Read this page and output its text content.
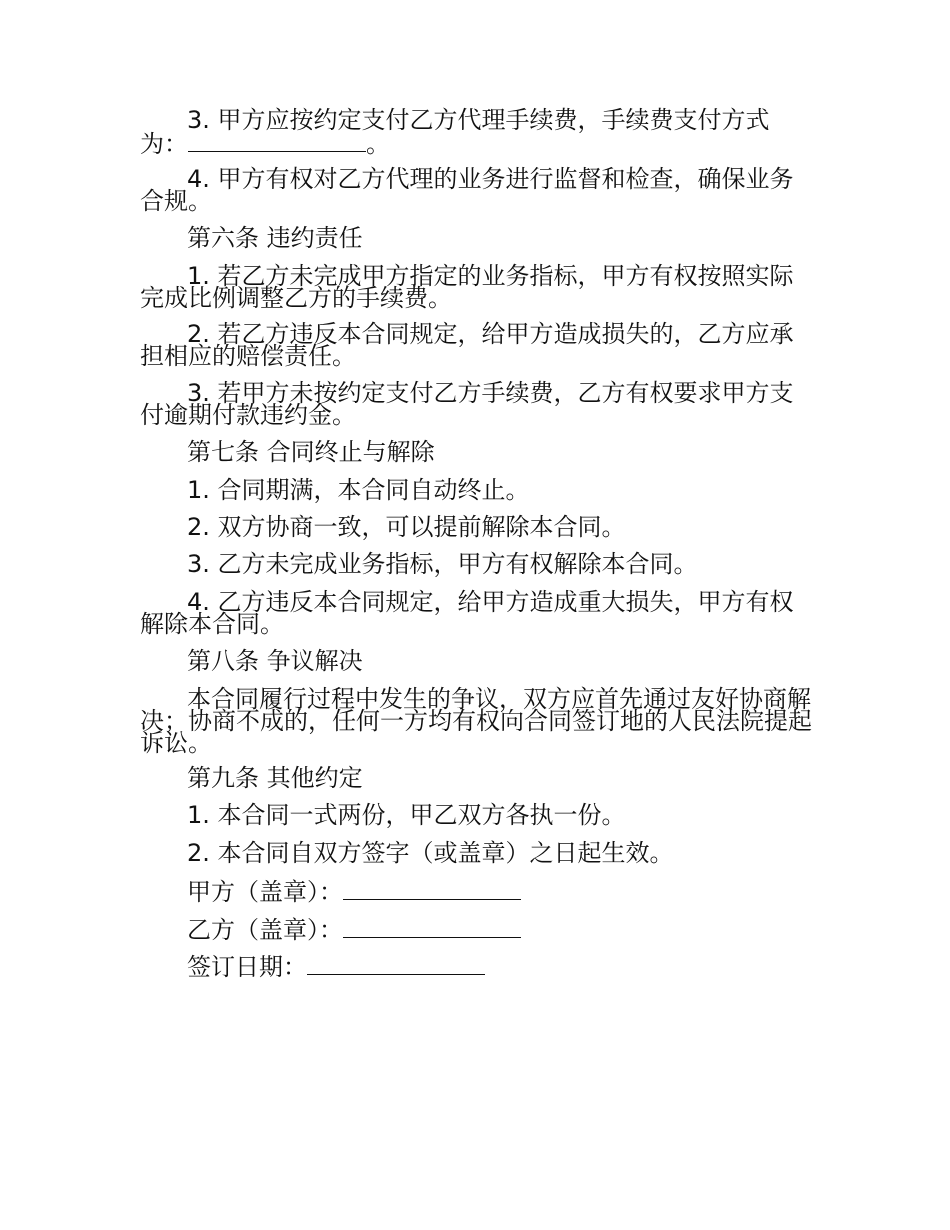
3. 甲方应按约定支付乙方代理手续费，手续费支付方式为：	。
4. 甲方有权对乙方代理的业务进行监督和检查，确保业务合规。
第六条 违约责任
1. 若乙方未完成甲方指定的业务指标，甲方有权按照实际完成比例调整乙方的手续费。
2. 若乙方违反本合同规定，给甲方造成损失的，乙方应承担相应的赔偿责任。
3. 若甲方未按约定支付乙方手续费，乙方有权要求甲方支付逾期付款违约金。
第七条 合同终止与解除
1. 合同期满，本合同自动终止。
2. 双方协商一致，可以提前解除本合同。
3. 乙方未完成业务指标，甲方有权解除本合同。
4. 乙方违反本合同规定，给甲方造成重大损失，甲方有权解除本合同。
第八条 争议解决
本合同履行过程中发生的争议，双方应首先通过友好协商解决；协商不成的，任何一方均有权向合同签订地的人民法院提起诉讼。
第九条 其他约定
1. 本合同一式两份，甲乙双方各执一份。
2. 本合同自双方签字（或盖章）之日起生效。
甲方（盖章）：
乙方（盖章）：
签订日期：
